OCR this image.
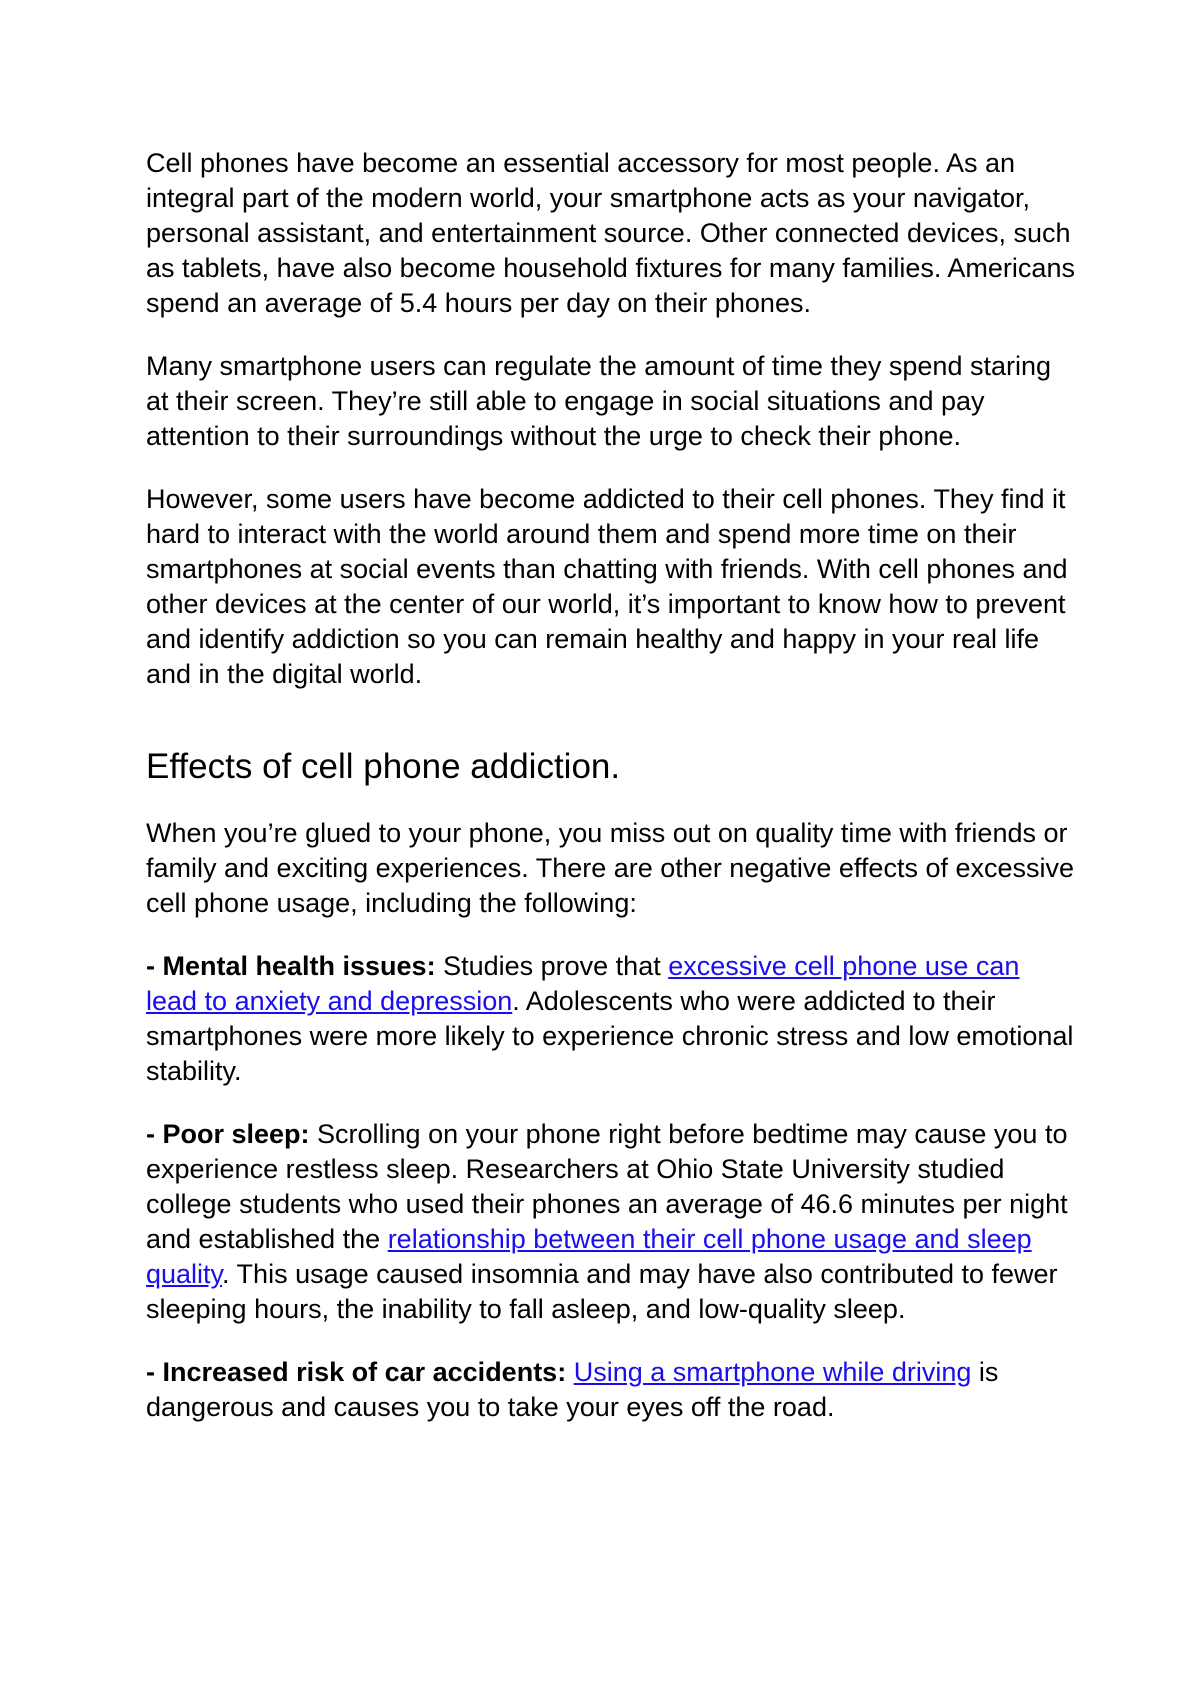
Cell phones have become an essential accessory for most people. As an integral part of the modern world, your smartphone acts as your navigator, personal assistant, and entertainment source. Other connected devices, such as tablets, have also become household fixtures for many families. Americans spend an average of 5.4 hours per day on their phones.

Many smartphone users can regulate the amount of time they spend staring at their screen. They’re still able to engage in social situations and pay attention to their surroundings without the urge to check their phone.

However, some users have become addicted to their cell phones. They find it hard to interact with the world around them and spend more time on their smartphones at social events than chatting with friends. With cell phones and other devices at the center of our world, it’s important to know how to prevent and identify addiction so you can remain healthy and happy in your real life and in the digital world.

Effects of cell phone addiction.

When you’re glued to your phone, you miss out on quality time with friends or family and exciting experiences. There are other negative effects of excessive cell phone usage, including the following:

- Mental health issues: Studies prove that excessive cell phone use can lead to anxiety and depression. Adolescents who were addicted to their smartphones were more likely to experience chronic stress and low emotional stability.

- Poor sleep: Scrolling on your phone right before bedtime may cause you to experience restless sleep. Researchers at Ohio State University studied college students who used their phones an average of 46.6 minutes per night and established the relationship between their cell phone usage and sleep quality. This usage caused insomnia and may have also contributed to fewer sleeping hours, the inability to fall asleep, and low-quality sleep.

- Increased risk of car accidents: Using a smartphone while driving is dangerous and causes you to take your eyes off the road.
